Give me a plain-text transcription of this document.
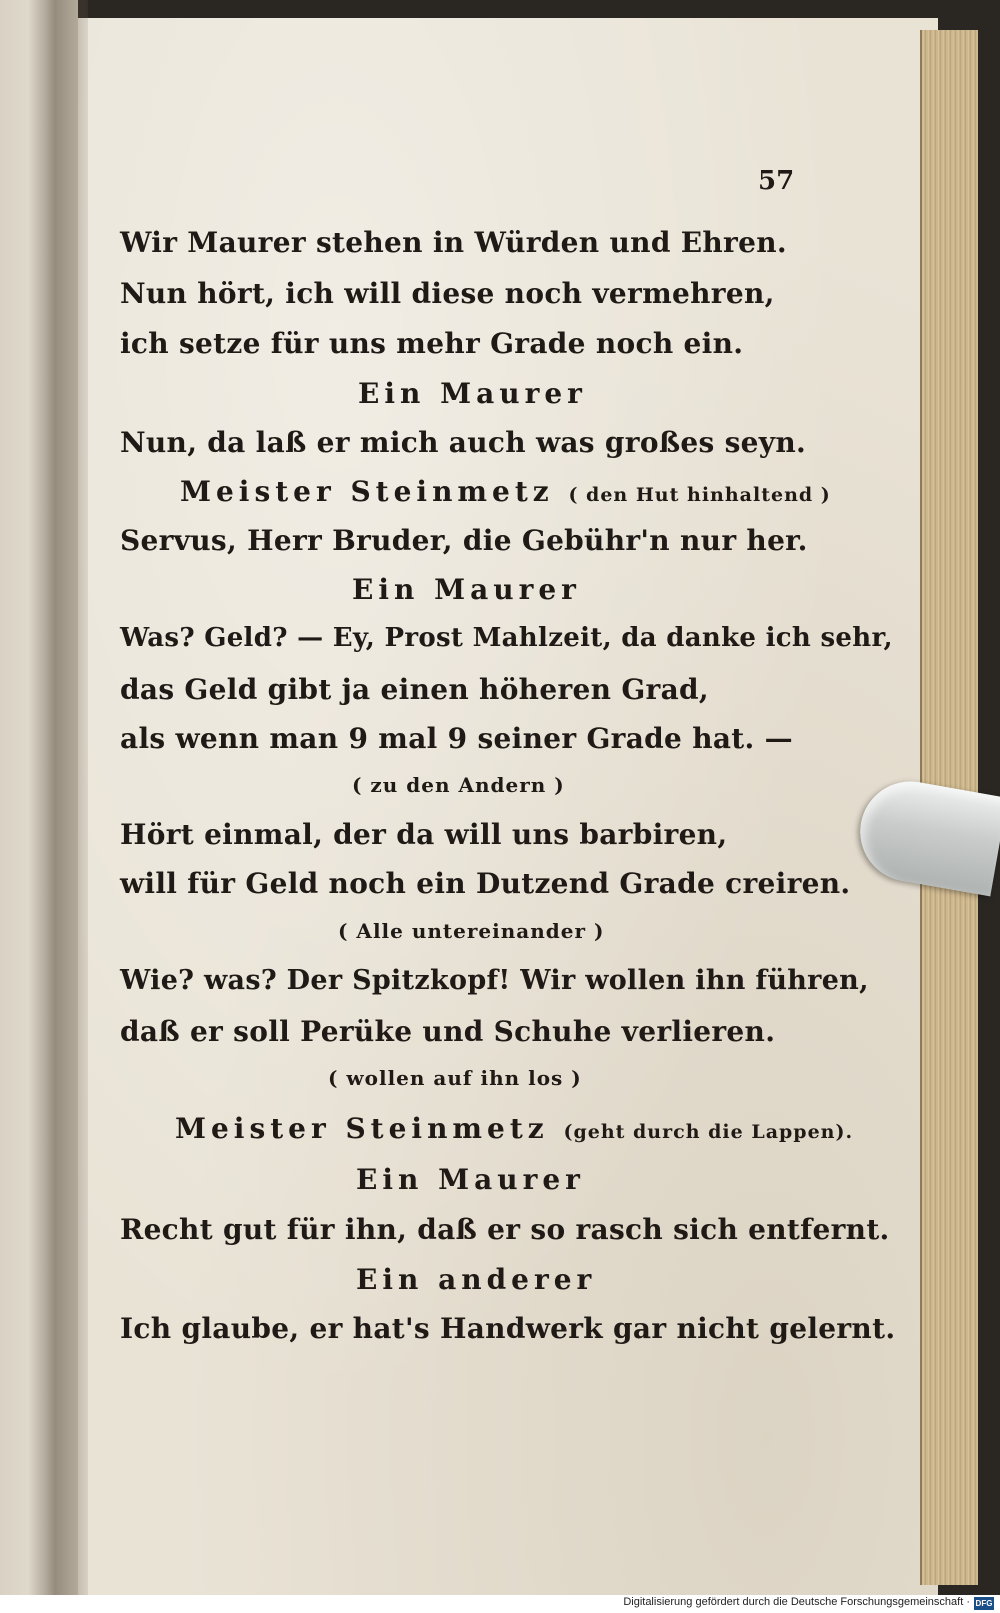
57
Wir Maurer stehen in Würden und Ehren.
Nun hört, ich will diese noch vermehren,
ich setze für uns mehr Grade noch ein.
Ein Maurer
Nun, da laß er mich auch was großes seyn.
Meister Steinmetz ( den Hut hinhaltend )
Servus, Herr Bruder, die Gebühr'n nur her.
Ein Maurer
Was? Geld? — Ey, Prost Mahlzeit, da danke ich sehr,
das Geld gibt ja einen höheren Grad,
als wenn man 9 mal 9 seiner Grade hat. —
( zu den Andern )
Hört einmal, der da will uns barbiren,
will für Geld noch ein Dutzend Grade creiren.
( Alle untereinander )
Wie? was? Der Spitzkopf! Wir wollen ihn führen,
daß er soll Perüke und Schuhe verlieren.
( wollen auf ihn los )
Meister Steinmetz (geht durch die Lappen).
Ein Maurer
Recht gut für ihn, daß er so rasch sich entfernt.
Ein anderer
Ich glaube, er hat's Handwerk gar nicht gelernt.
Digitalisierung gefördert durch die Deutsche Forschungsgemeinschaft · DFG
